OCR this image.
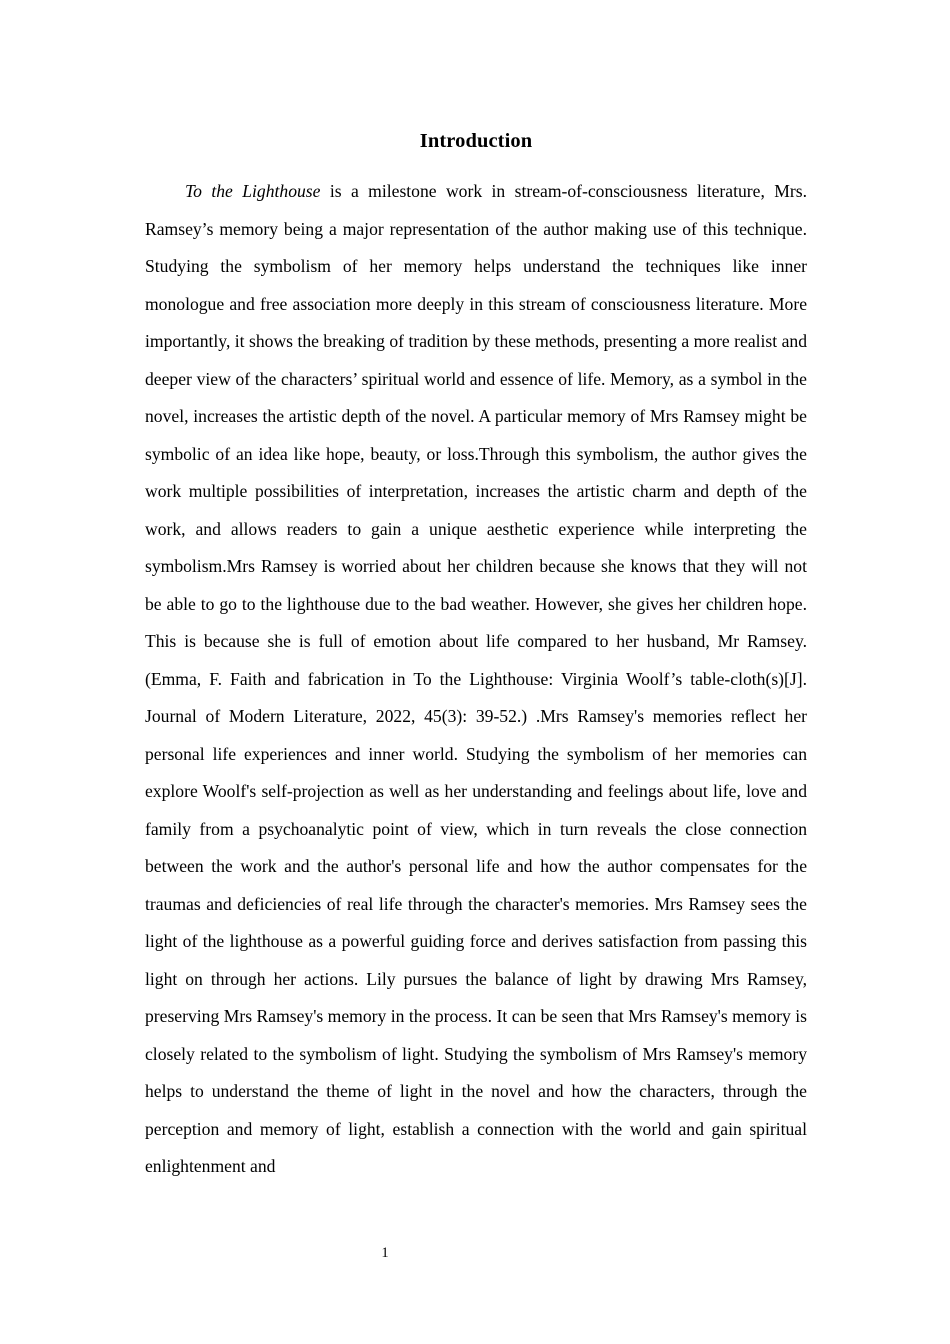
Introduction

To the Lighthouse is a milestone work in stream-of-consciousness literature, Mrs. Ramsey’s memory being a major representation of the author making use of this technique. Studying the symbolism of her memory helps understand the techniques like inner monologue and free association more deeply in this stream of consciousness literature. More importantly, it shows the breaking of tradition by these methods, presenting a more realist and deeper view of the characters’ spiritual world and essence of life. Memory, as a symbol in the novel, increases the artistic depth of the novel. A particular memory of Mrs Ramsey might be symbolic of an idea like hope, beauty, or loss.Through this symbolism, the author gives the work multiple possibilities of interpretation, increases the artistic charm and depth of the work, and allows readers to gain a unique aesthetic experience while interpreting the symbolism.Mrs Ramsey is worried about her children because she knows that they will not be able to go to the lighthouse due to the bad weather. However, she gives her children hope. This is because she is full of emotion about life compared to her husband, Mr Ramsey.(Emma, F. Faith and fabrication in To the Lighthouse: Virginia Woolf’s table-cloth(s)[J]. Journal of Modern Literature, 2022, 45(3): 39-52.) .Mrs Ramsey's memories reflect her personal life experiences and inner world. Studying the symbolism of her memories can explore Woolf's self-projection as well as her understanding and feelings about life, love and family from a psychoanalytic point of view, which in turn reveals the close connection between the work and the author's personal life and how the author compensates for the traumas and deficiencies of real life through the character's memories. Mrs Ramsey sees the light of the lighthouse as a powerful guiding force and derives satisfaction from passing this light on through her actions. Lily pursues the balance of light by drawing Mrs Ramsey, preserving Mrs Ramsey's memory in the process. It can be seen that Mrs Ramsey's memory is closely related to the symbolism of light. Studying the symbolism of Mrs Ramsey's memory helps to understand the theme of light in the novel and how the characters, through the perception and memory of light, establish a connection with the world and gain spiritual enlightenment and

1
